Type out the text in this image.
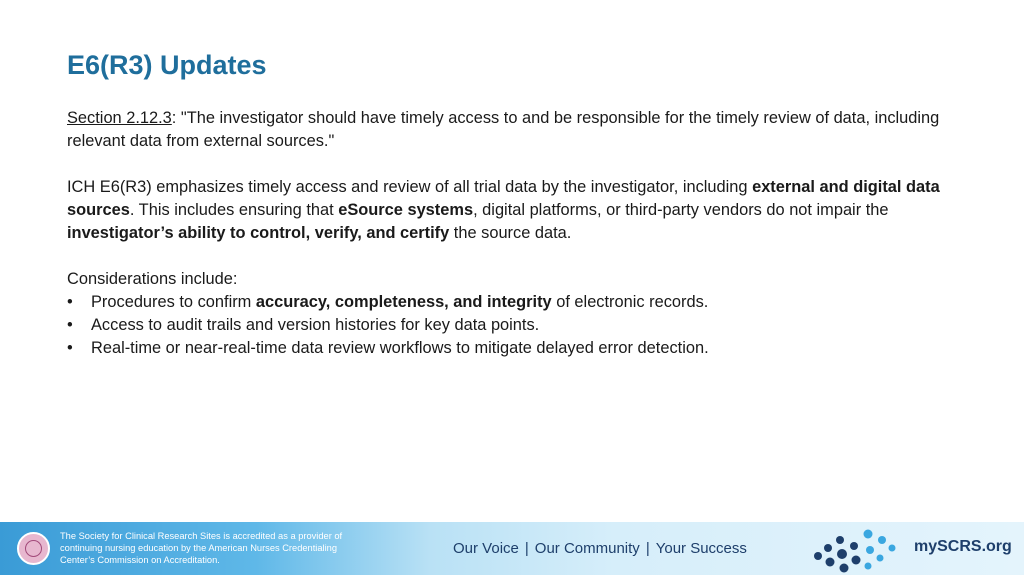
E6(R3) Updates

Section 2.12.3: "The investigator should have timely access to and be responsible for the timely review of data, including relevant data from external sources."

ICH E6(R3) emphasizes timely access and review of all trial data by the investigator, including external and digital data sources. This includes ensuring that eSource systems, digital platforms, or third-party vendors do not impair the investigator’s ability to control, verify, and certify the source data.

Considerations include:
• Procedures to confirm accuracy, completeness, and integrity of electronic records.
• Access to audit trails and version histories for key data points.
• Real-time or near-real-time data review workflows to mitigate delayed error detection.

The Society for Clinical Research Sites is accredited as a provider of
continuing nursing education by the American Nurses Credentialing
Center’s Commission on Accreditation.

Our Voice | Our Community | Your Success	mySCRS.org
